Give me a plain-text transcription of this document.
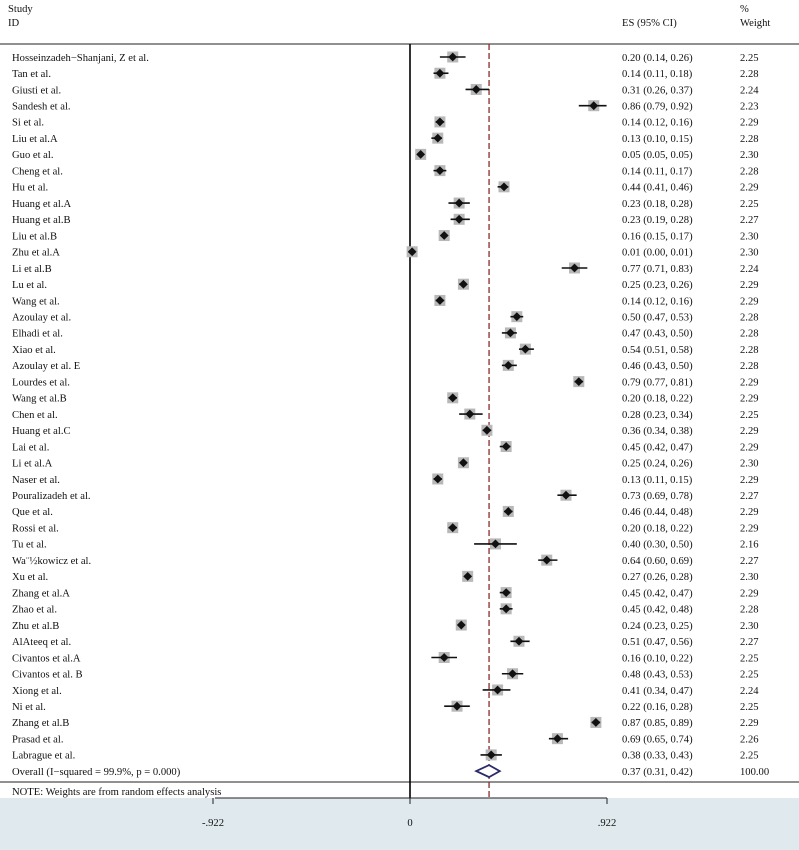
Study
ID	ES (95% CI)
%
Weight
Hosseinzadeh−Shanjani, Z et al.	0.20 (0.14, 0.26)	2.25
Tan et al.	0.14 (0.11, 0.18)	2.28
Giusti et al.	0.31 (0.26, 0.37)	2.24
Sandesh et al.	0.86 (0.79, 0.92)	2.23
Si et al.	0.14 (0.12, 0.16)	2.29
Liu et al.A	0.13 (0.10, 0.15)	2.28
Guo et al.	0.05 (0.05, 0.05)	2.30
Cheng et al.	0.14 (0.11, 0.17)	2.28
Hu et al.	0.44 (0.41, 0.46)	2.29
Huang et al.A	0.23 (0.18, 0.28)	2.25
Huang et al.B	0.23 (0.19, 0.28)	2.27
Liu et al.B	0.16 (0.15, 0.17)	2.30
Zhu et al.A	0.01 (0.00, 0.01)	2.30
Li et al.B	0.77 (0.71, 0.83)	2.24
Lu et al.	0.25 (0.23, 0.26)	2.29
Wang et al.	0.14 (0.12, 0.16)	2.29
Azoulay et al.	0.50 (0.47, 0.53)	2.28
Elhadi et al.	0.47 (0.43, 0.50)	2.28
Xiao et al.	0.54 (0.51, 0.58)	2.28
Azoulay et al. E	0.46 (0.43, 0.50)	2.28
Lourdes et al.	0.79 (0.77, 0.81)	2.29
Wang et al.B	0.20 (0.18, 0.22)	2.29
Chen et al.	0.28 (0.23, 0.34)	2.25
Huang et al.C	0.36 (0.34, 0.38)	2.29
Lai et al.	0.45 (0.42, 0.47)	2.29
Li et al.A	0.25 (0.24, 0.26)	2.30
Naser et al.	0.13 (0.11, 0.15)	2.29
Pouralizadeh et al.	0.73 (0.69, 0.78)	2.27
Que et al.	0.46 (0.44, 0.48)	2.29
Rossi et al.	0.20 (0.18, 0.22)	2.29
Tu et al.	0.40 (0.30, 0.50)	2.16
Wa¨½kowicz et al.	0.64 (0.60, 0.69)	2.27
Xu et al.	0.27 (0.26, 0.28)	2.30
Zhang et al.A	0.45 (0.42, 0.47)	2.29
Zhao et al.	0.45 (0.42, 0.48)	2.28
Zhu et al.B	0.24 (0.23, 0.25)	2.30
AlAteeq et al.	0.51 (0.47, 0.56)	2.27
Civantos et al.A	0.16 (0.10, 0.22)	2.25
Civantos et al. B	0.48 (0.43, 0.53)	2.25
Xiong et al.	0.41 (0.34, 0.47)	2.24
Ni et al.	0.22 (0.16, 0.28)	2.25
Zhang et al.B	0.87 (0.85, 0.89)	2.29
Prasad et al.	0.69 (0.65, 0.74)	2.26
Labrague et al.	0.38 (0.33, 0.43)	2.25
Overall (I−squared = 99.9%, p = 0.000)	0.37 (0.31, 0.42)	100.00
NOTE: Weights are from random effects analysis
-.922	0	.922
